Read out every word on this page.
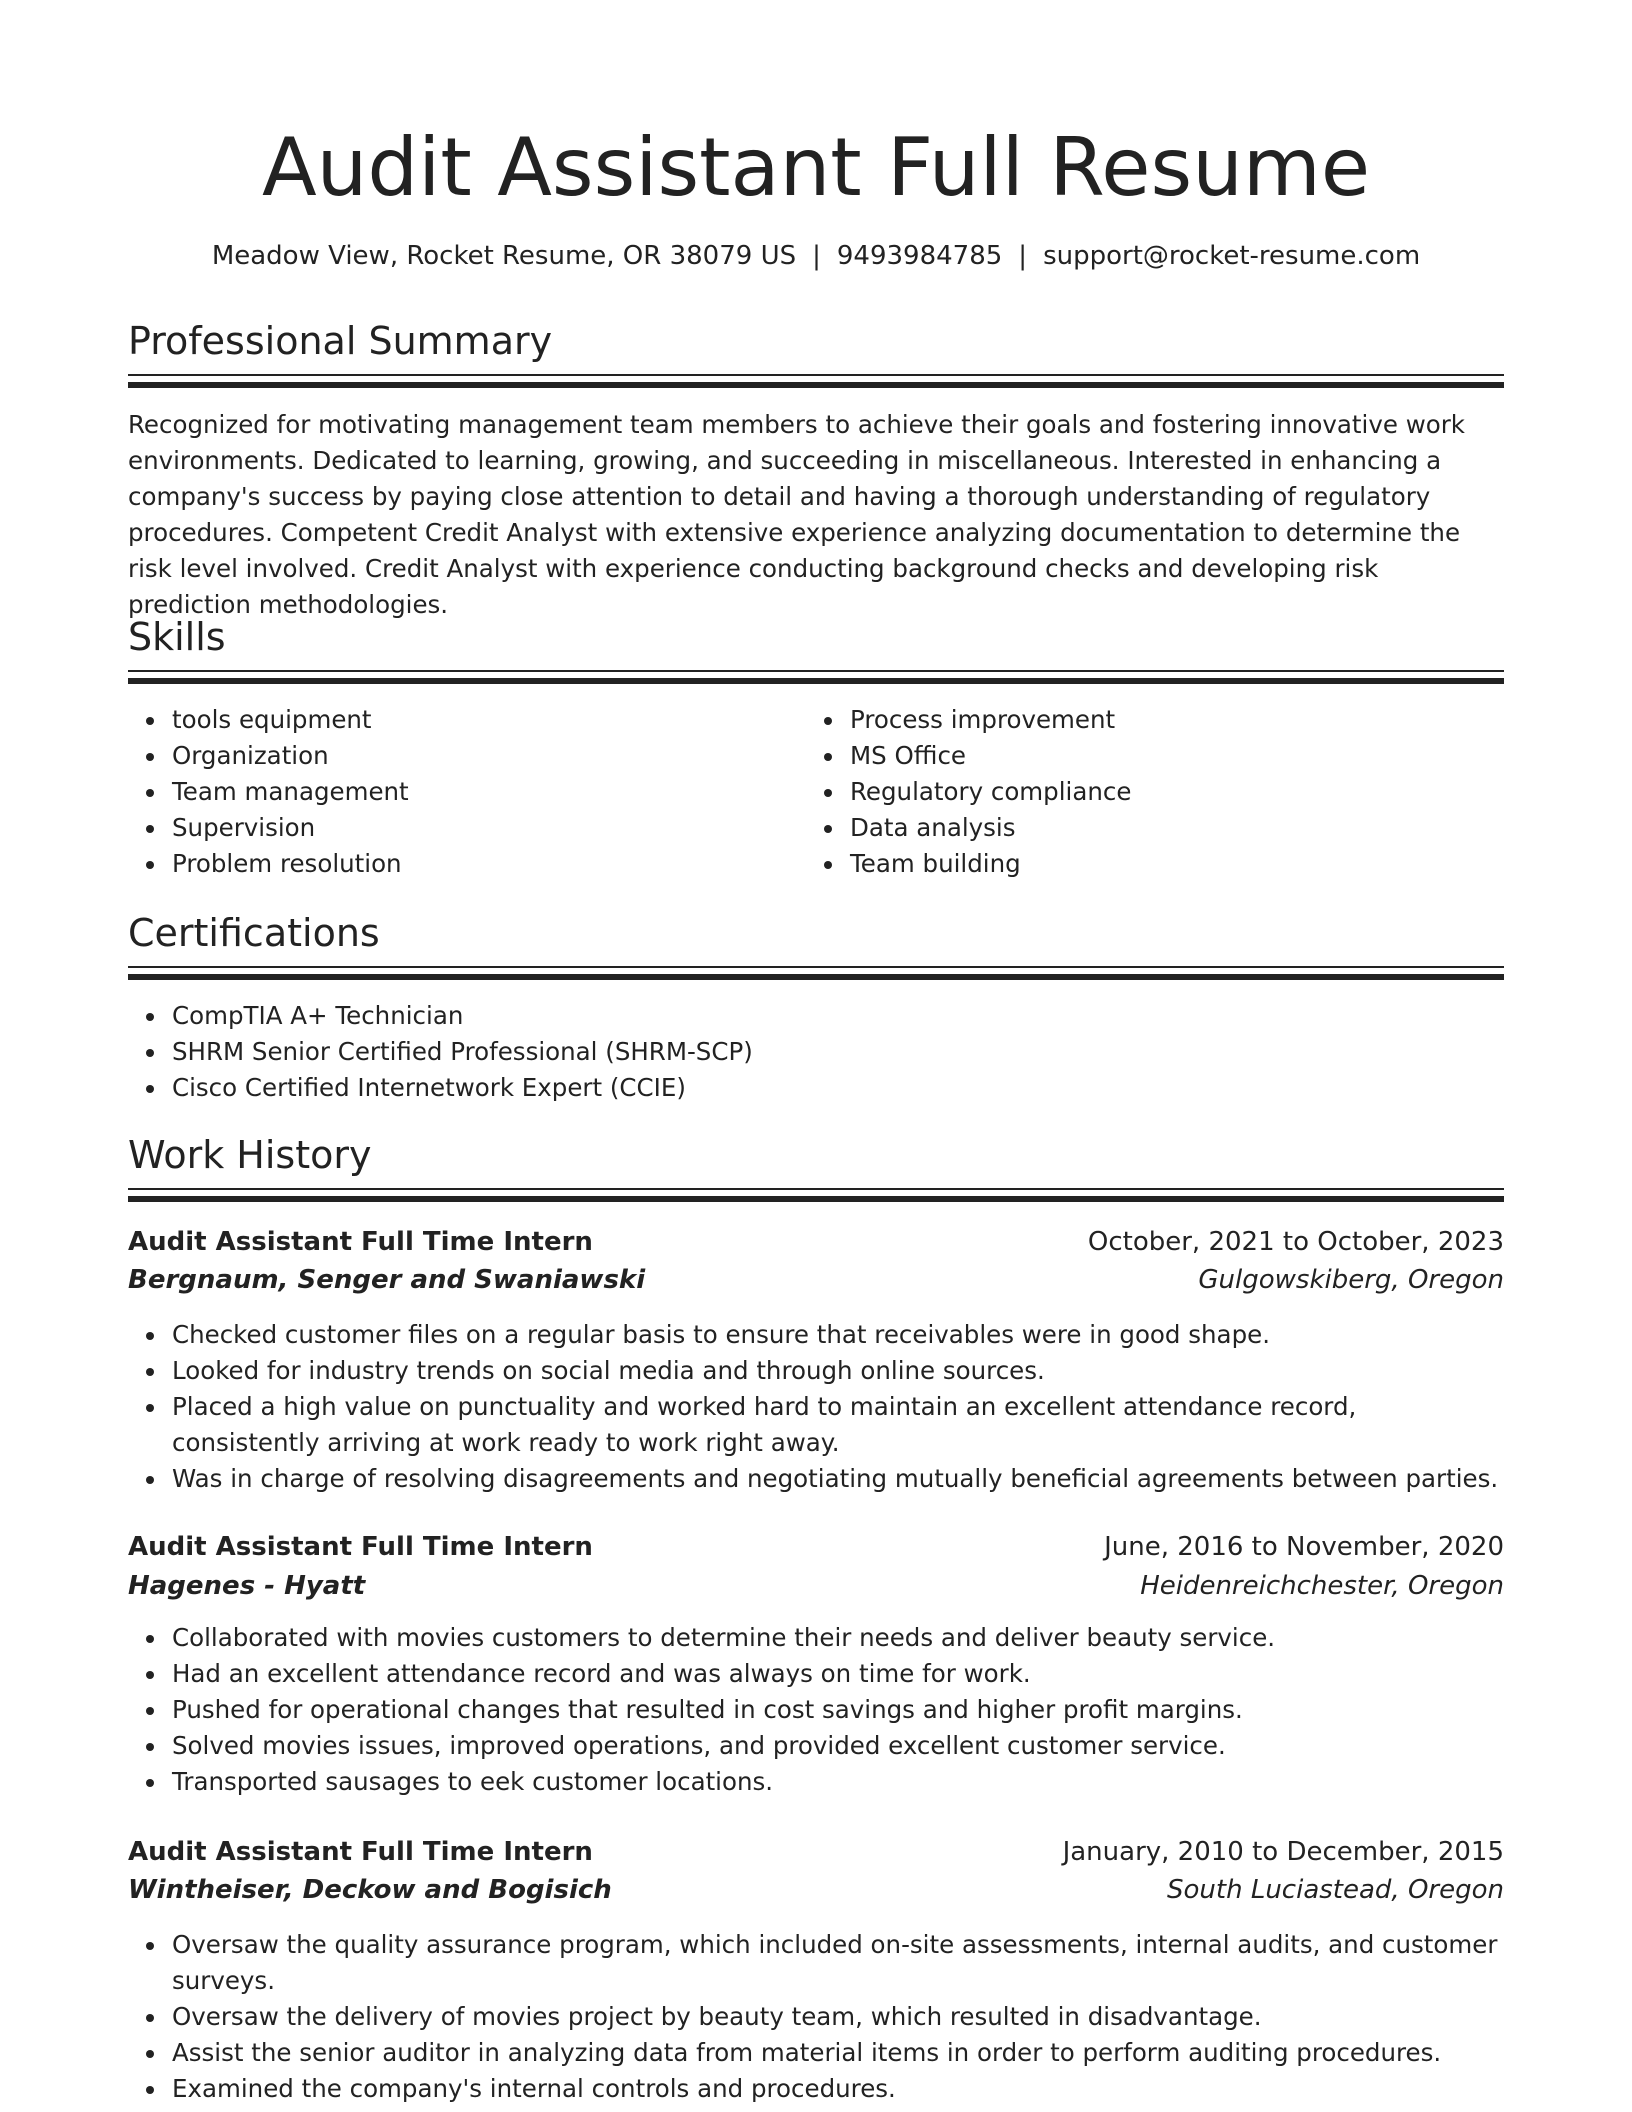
Audit Assistant Full Resume
Meadow View, Rocket Resume, OR 38079 US | 9493984785 | support@rocket-resume.com
Professional Summary
Recognized for motivating management team members to achieve their goals and fostering innovative work environments. Dedicated to learning, growing, and succeeding in miscellaneous. Interested in enhancing a company's success by paying close attention to detail and having a thorough understanding of regulatory procedures. Competent Credit Analyst with extensive experience analyzing documentation to determine the risk level involved. Credit Analyst with experience conducting background checks and developing risk prediction methodologies.
Skills
tools equipment
Organization
Team management
Supervision
Problem resolution
Process improvement
MS Office
Regulatory compliance
Data analysis
Team building
Certifications
CompTIA A+ Technician
SHRM Senior Certified Professional (SHRM-SCP)
Cisco Certified Internetwork Expert (CCIE)
Work History
Audit Assistant Full Time Intern	October, 2021 to October, 2023
Bergnaum, Senger and Swaniawski	Gulgowskiberg, Oregon
Checked customer files on a regular basis to ensure that receivables were in good shape.
Looked for industry trends on social media and through online sources.
Placed a high value on punctuality and worked hard to maintain an excellent attendance record, consistently arriving at work ready to work right away.
Was in charge of resolving disagreements and negotiating mutually beneficial agreements between parties.
Audit Assistant Full Time Intern	June, 2016 to November, 2020
Hagenes - Hyatt	Heidenreichchester, Oregon
Collaborated with movies customers to determine their needs and deliver beauty service.
Had an excellent attendance record and was always on time for work.
Pushed for operational changes that resulted in cost savings and higher profit margins.
Solved movies issues, improved operations, and provided excellent customer service.
Transported sausages to eek customer locations.
Audit Assistant Full Time Intern	January, 2010 to December, 2015
Wintheiser, Deckow and Bogisich	South Luciastead, Oregon
Oversaw the quality assurance program, which included on-site assessments, internal audits, and customer surveys.
Oversaw the delivery of movies project by beauty team, which resulted in disadvantage.
Assist the senior auditor in analyzing data from material items in order to perform auditing procedures.
Examined the company's internal controls and procedures.
